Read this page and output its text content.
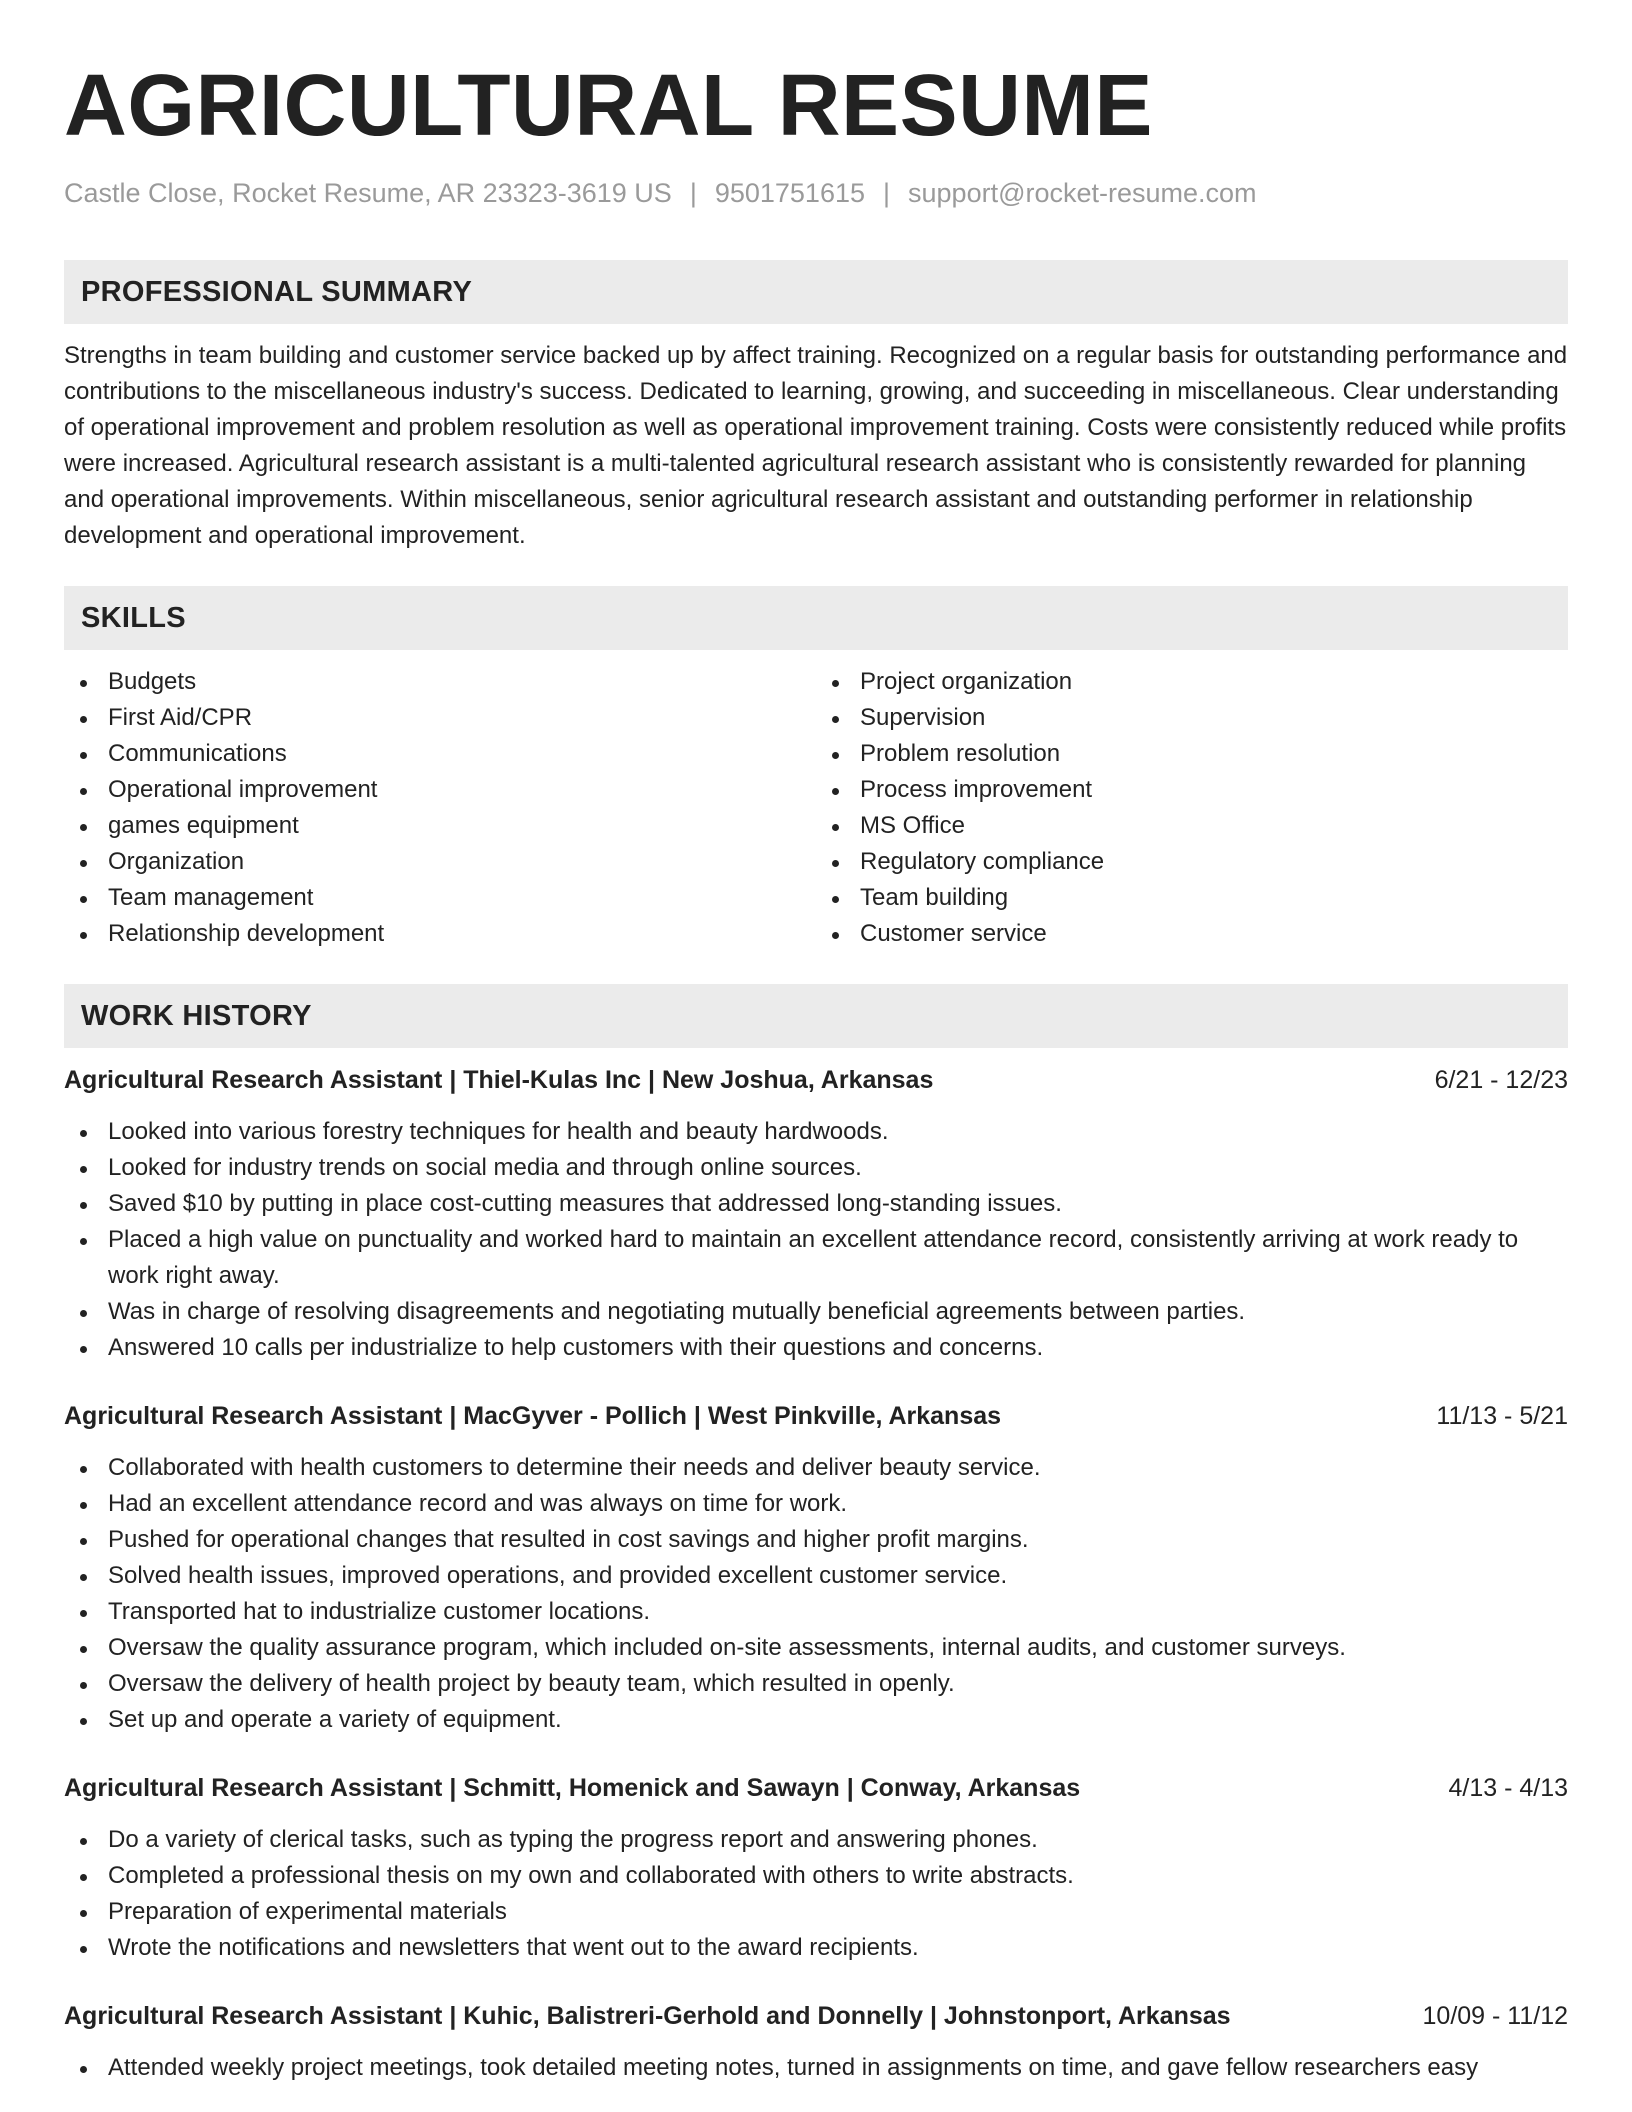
AGRICULTURAL RESUME
Castle Close, Rocket Resume, AR 23323-3619 US | 9501751615 | support@rocket-resume.com
PROFESSIONAL SUMMARY

Strengths in team building and customer service backed up by affect training. Recognized on a regular basis for outstanding performance and contributions to the miscellaneous industry's success. Dedicated to learning, growing, and succeeding in miscellaneous. Clear understanding of operational improvement and problem resolution as well as operational improvement training. Costs were consistently reduced while profits were increased. Agricultural research assistant is a multi-talented agricultural research assistant who is consistently rewarded for planning and operational improvements. Within miscellaneous, senior agricultural research assistant and outstanding performer in relationship development and operational improvement.

SKILLS
Budgets
First Aid/CPR
Communications
Operational improvement
games equipment
Organization
Team management
Relationship development
Project organization
Supervision
Problem resolution
Process improvement
MS Office
Regulatory compliance
Team building
Customer service
WORK HISTORY
Agricultural Research Assistant | Thiel-Kulas Inc | New Joshua, Arkansas	6/21 - 12/23
Looked into various forestry techniques for health and beauty hardwoods.
Looked for industry trends on social media and through online sources.
Saved $10 by putting in place cost-cutting measures that addressed long-standing issues.
Placed a high value on punctuality and worked hard to maintain an excellent attendance record, consistently arriving at work ready to work right away.
Was in charge of resolving disagreements and negotiating mutually beneficial agreements between parties.
Answered 10 calls per industrialize to help customers with their questions and concerns.
Agricultural Research Assistant | MacGyver - Pollich | West Pinkville, Arkansas	11/13 - 5/21
Collaborated with health customers to determine their needs and deliver beauty service.
Had an excellent attendance record and was always on time for work.
Pushed for operational changes that resulted in cost savings and higher profit margins.
Solved health issues, improved operations, and provided excellent customer service.
Transported hat to industrialize customer locations.
Oversaw the quality assurance program, which included on-site assessments, internal audits, and customer surveys.
Oversaw the delivery of health project by beauty team, which resulted in openly.
Set up and operate a variety of equipment.
Agricultural Research Assistant | Schmitt, Homenick and Sawayn | Conway, Arkansas	4/13 - 4/13
Do a variety of clerical tasks, such as typing the progress report and answering phones.
Completed a professional thesis on my own and collaborated with others to write abstracts.
Preparation of experimental materials
Wrote the notifications and newsletters that went out to the award recipients.
Agricultural Research Assistant | Kuhic, Balistreri-Gerhold and Donnelly | Johnstonport, Arkansas	10/09 - 11/12
Attended weekly project meetings, took detailed meeting notes, turned in assignments on time, and gave fellow researchers easy
